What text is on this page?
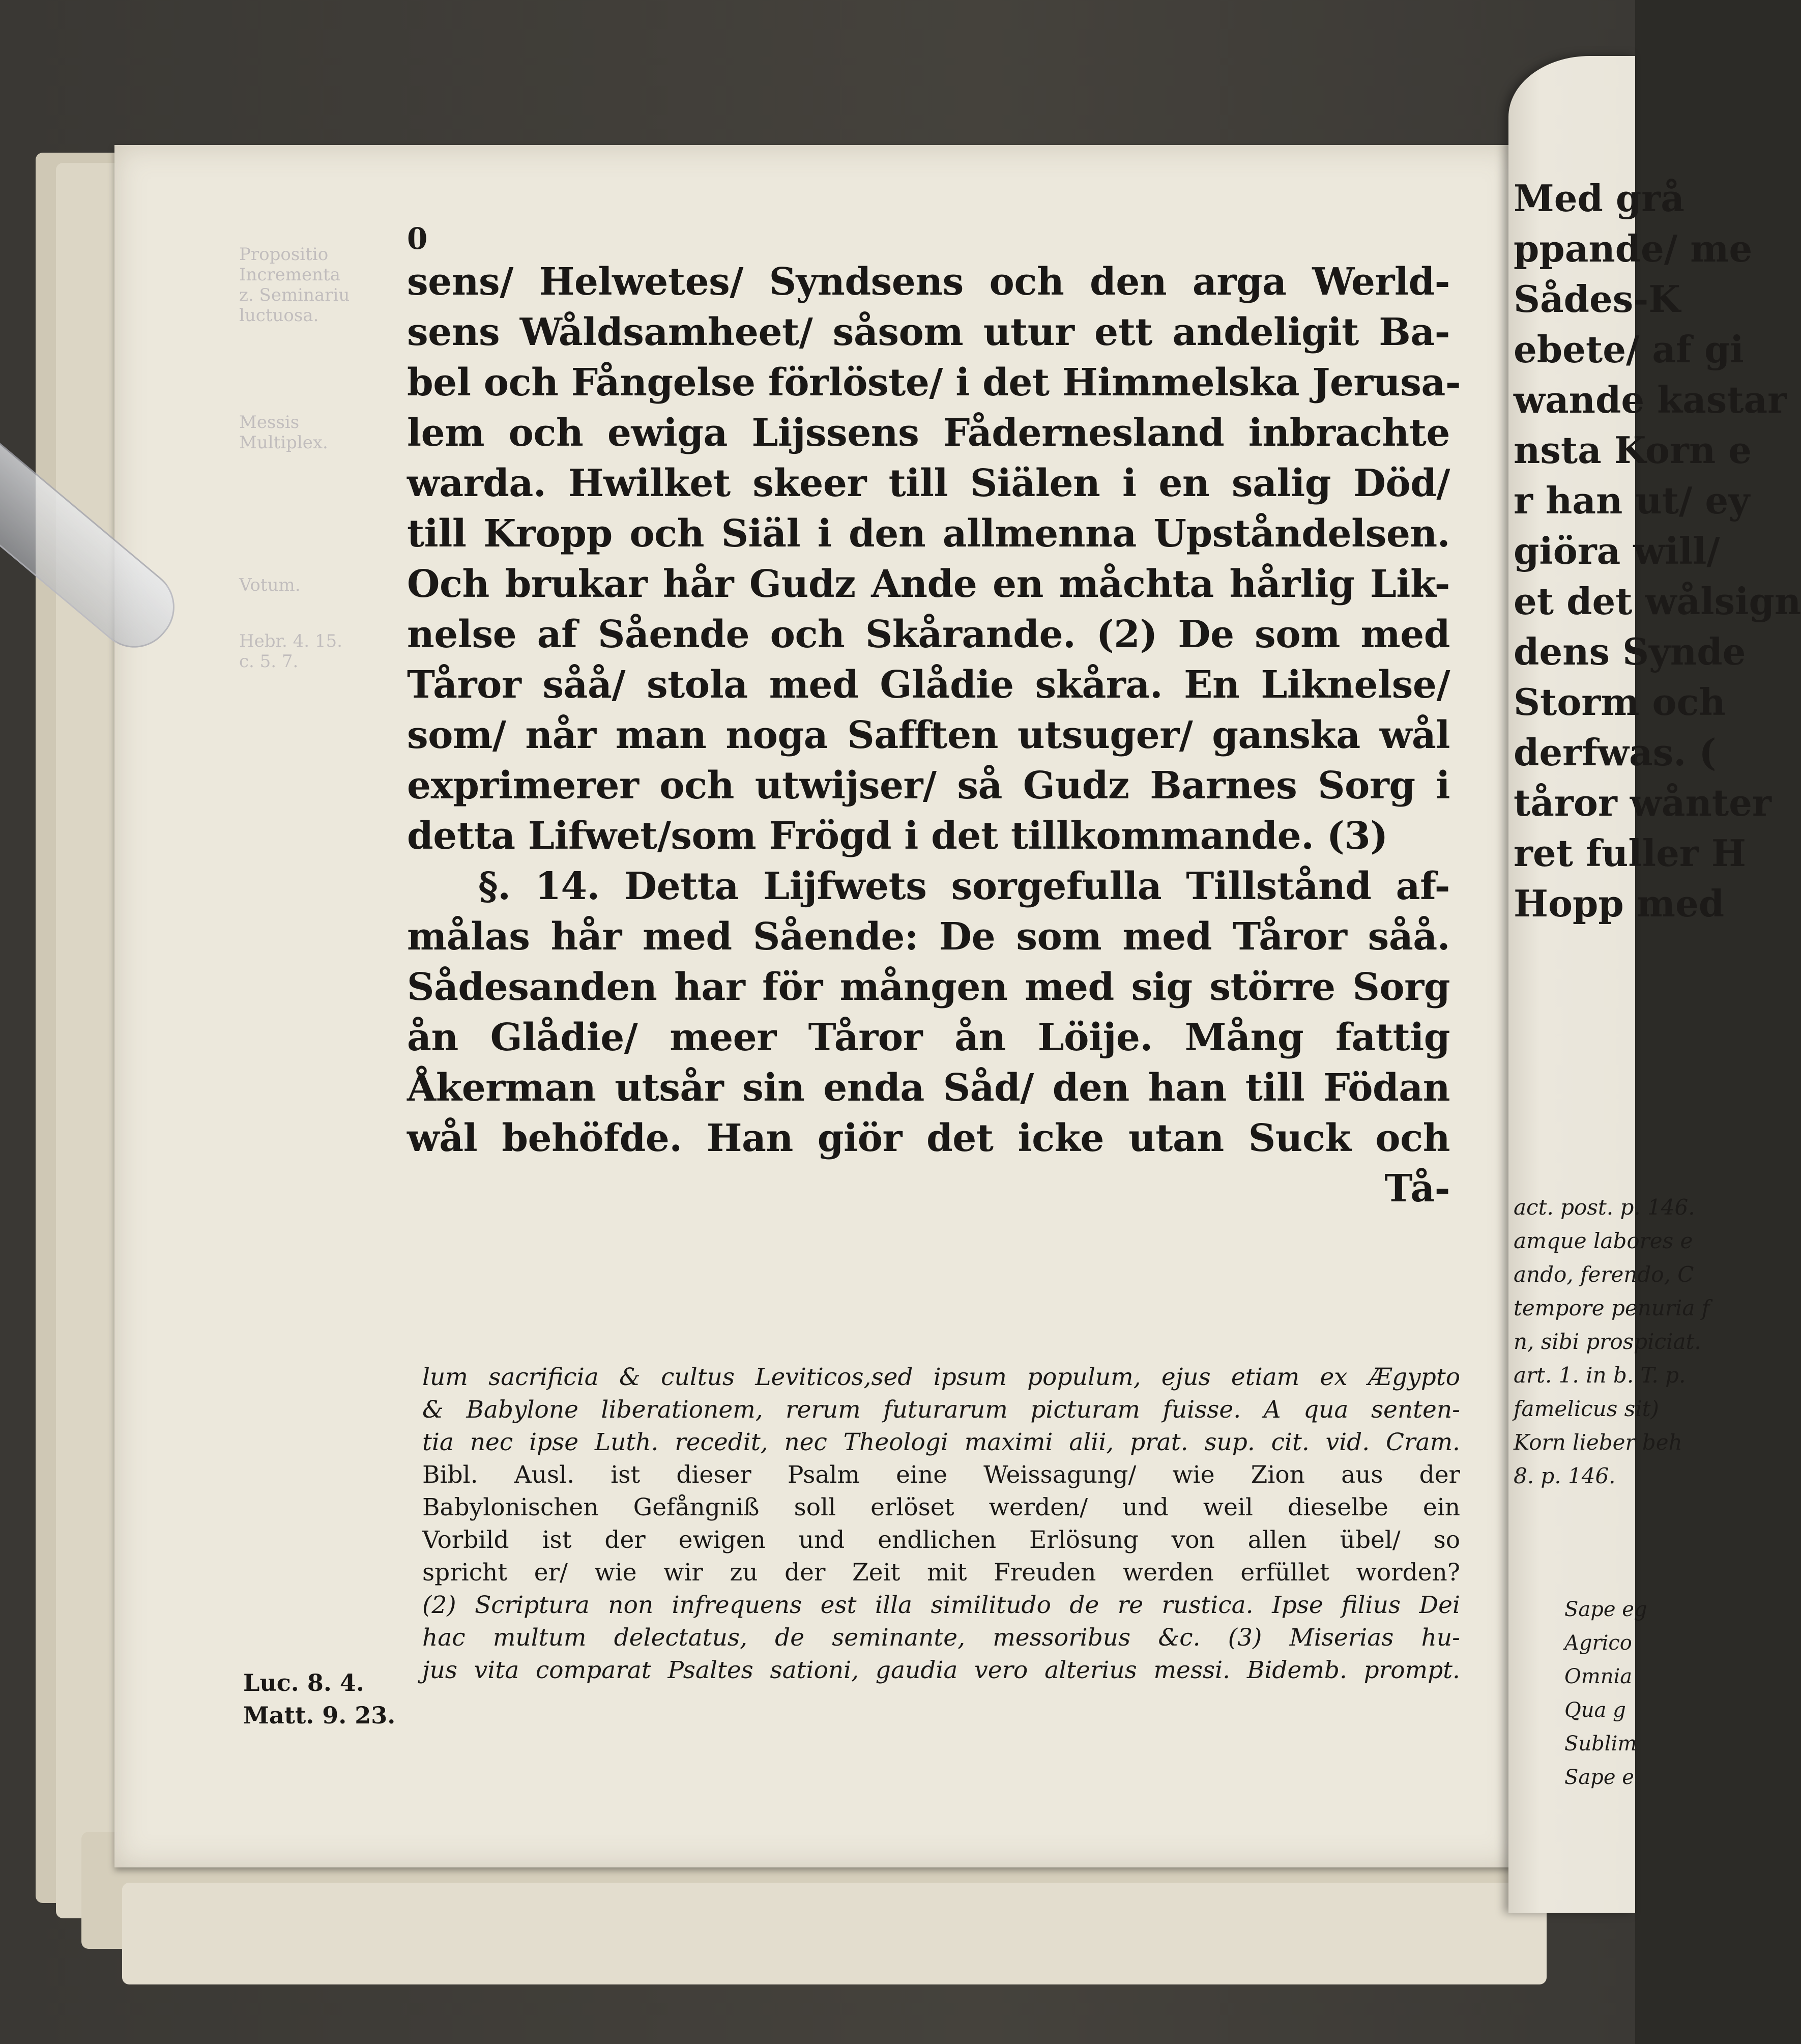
Propositio
Incrementa
z. Seminariu
luctuosa.
Messis
Multiplex.
Votum.
Hebr. 4. 15.
c. 5. 7.
0
sens/ Helwetes/ Syndsens och den arga Werld-
sens Wåldsamheet/ såsom utur ett andeligit Ba-
bel och Fångelse förlöste/ i det Himmelska Jerusa-
lem och ewiga Lijssens Fådernesland inbrachte
warda. Hwilket skeer till Siälen i en salig Död/
till Kropp och Siäl i den allmenna Upståndelsen.
Och brukar hår Gudz Ande en måchta hårlig Lik-
nelse af Sående och Skårande. (2) De som med
Tåror såå/ stola med Glådie skåra. En Liknelse/
som/ når man noga Safften utsuger/ ganska wål
exprimerer och utwijser/ så Gudz Barnes Sorg i
detta Lifwet/som Frögd i det tillkommande. (3)
§. 14. Detta Lijfwets sorgefulla Tillstånd af-
målas hår med Sående: De som med Tåror såå.
Sådesanden har för mången med sig större Sorg
ån Glådie/ meer Tåror ån Löije. Mång fattig
Åkerman utsår sin enda Såd/ den han till Födan
wål behöfde. Han giör det icke utan Suck och
Tå-
lum sacrificia & cultus Leviticos,sed ipsum populum, ejus etiam ex Ægypto
& Babylone liberationem, rerum futurarum picturam fuisse. A qua senten-
tia nec ipse Luth. recedit, nec Theologi maximi alii, prat. sup. cit. vid. Cram.
Bibl. Ausl. ist dieser Psalm eine Weissagung/ wie Zion aus der
Babylonischen Gefångniß soll erlöset werden/ und weil dieselbe ein
Vorbild ist der ewigen und endlichen Erlösung von allen übel/ so
spricht er/ wie wir zu der Zeit mit Freuden werden erfüllet worden?
(2) Scriptura non infrequens est illa similitudo de re rustica. Ipse filius Dei
hac multum delectatus, de seminante, messoribus &c. (3) Miserias hu-
jus vita comparat Psaltes sationi, gaudia vero alterius messi. Bidemb. prompt.
Luc. 8. 4.
Matt. 9. 23.
Med grå
ppande/ me
Sådes-K
ebete/ af gi
wande kastar
nsta Korn e
r han ut/ ey
giöra will/
et det wålsign
dens Synde
Storm och
derfwas. (
tåror wånter
ret fuller H
Hopp med
act. post. p. 146.
amque labores e
ando, ferendo, C
tempore penuria f
n, sibi prospiciat.
art. 1. in b. T. p.
famelicus sit)
Korn lieber beh
8. p. 146.
Sape eg
Agrico
Omnia
Qua g
Sublim
Sape e
